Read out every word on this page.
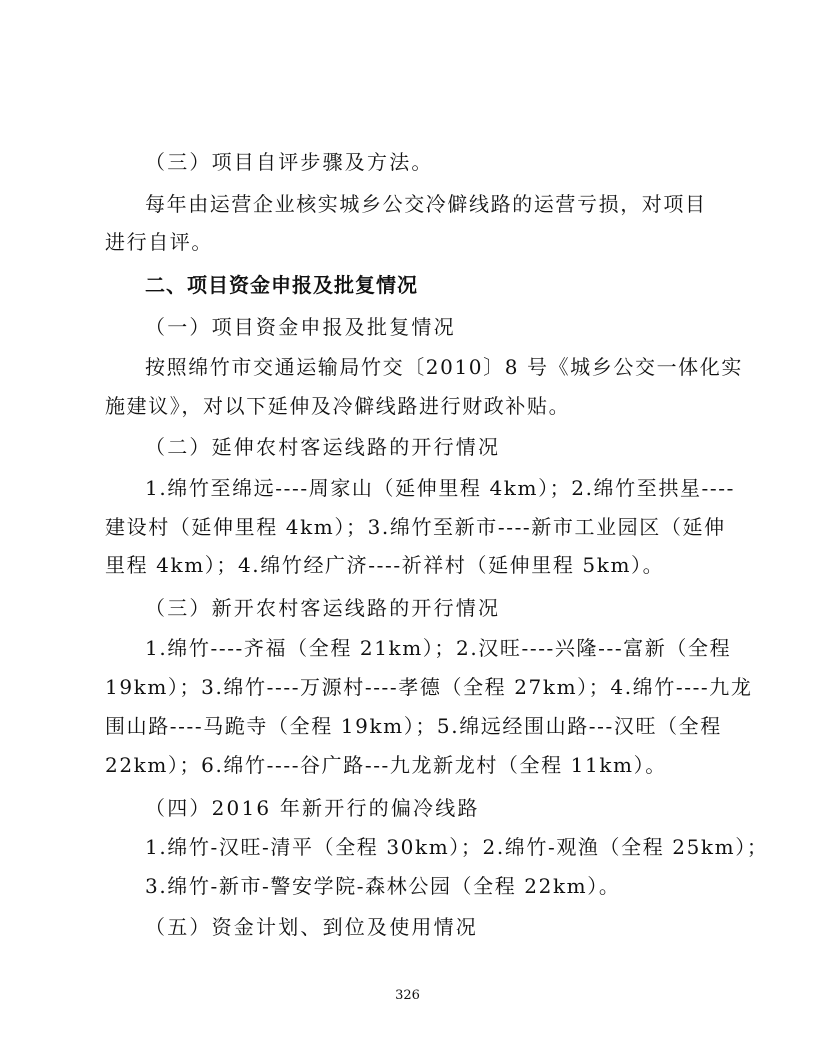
（三）项目自评步骤及方法。
每年由运营企业核实城乡公交冷僻线路的运营亏损，对项目
进行自评。
二、项目资金申报及批复情况
（一）项目资金申报及批复情况
按照绵竹市交通运输局竹交〔2010〕8 号《城乡公交一体化实
施建议》，对以下延伸及冷僻线路进行财政补贴。
（二）延伸农村客运线路的开行情况
1.绵竹至绵远----周家山（延伸里程 4km）；2.绵竹至拱星----
建设村（延伸里程 4km）；3.绵竹至新市----新市工业园区（延伸
里程 4km）；4.绵竹经广济----祈祥村（延伸里程 5km）。
（三）新开农村客运线路的开行情况
1.绵竹----齐福（全程 21km）；2.汉旺----兴隆---富新（全程
19km）；3.绵竹----万源村----孝德（全程 27km）；4.绵竹----九龙
围山路----马跪寺（全程 19km）；5.绵远经围山路---汉旺（全程
22km）；6.绵竹----谷广路---九龙新龙村（全程 11km）。
（四）2016 年新开行的偏冷线路
1.绵竹-汉旺-清平（全程 30km）；2.绵竹-观渔（全程 25km）；
3.绵竹-新市-警安学院-森林公园（全程 22km）。
（五）资金计划、到位及使用情况
326
